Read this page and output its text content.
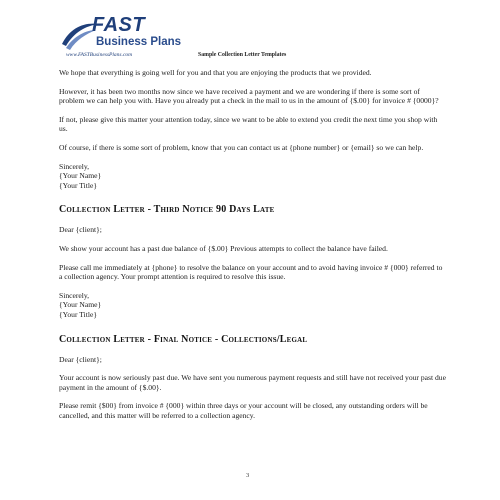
FAST
Business Plans
www.FASTBusinessPlans.com	Sample Collection Letter Templates

We hope that everything is going well for you and that you are enjoying the products that we provided.

However, it has been two months now since we have received a payment and we are wondering if there is some sort of problem we can help you with. Have you already put a check in the mail to us in the amount of {$.00} for invoice # {0000}?

If not, please give this matter your attention today, since we want to be able to extend you credit the next time you shop with us.

Of course, if there is some sort of problem, know that you can contact us at {phone number} or {email} so we can help.

Sincerely,
{Your Name}
{Your Title}
Collection Letter - Third Notice 90 Days Late

Dear {client};

We show your account has a past due balance of {$.00} Previous attempts to collect the balance have failed.

Please call me immediately at {phone} to resolve the balance on your account and to avoid having invoice # {000} referred to a collection agency. Your prompt attention is required to resolve this issue.

Sincerely,
{Your Name}
{Your Title}
Collection Letter - Final Notice - Collections/Legal

Dear {client};

Your account is now seriously past due. We have sent you numerous payment requests and still have not received your past due payment in the amount of {$.00}.

Please remit {$00} from invoice # {000} within three days or your account will be closed, any outstanding orders will be cancelled, and this matter will be referred to a collection agency.

3
